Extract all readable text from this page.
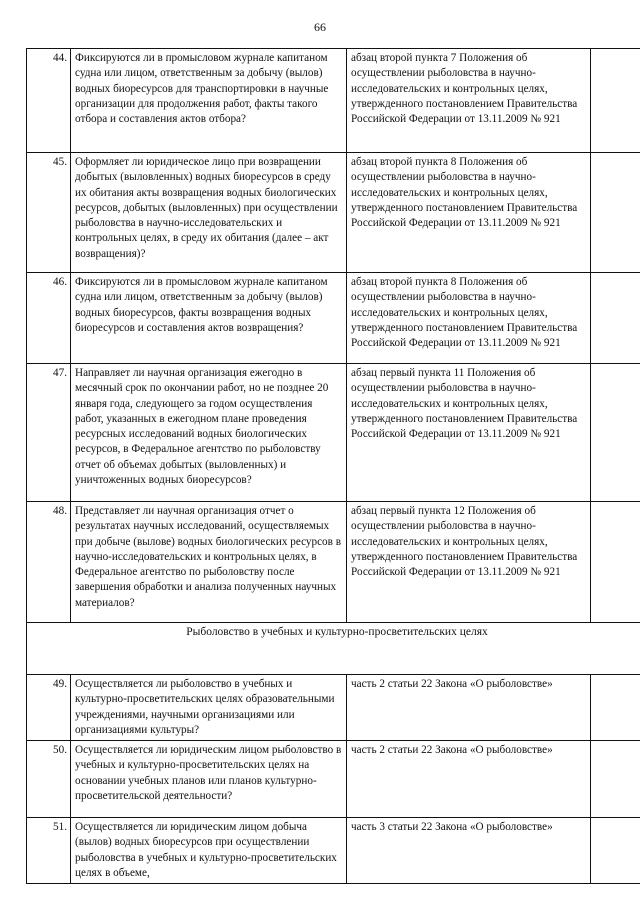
66
44.	Фиксируются ли в промысловом журнале капитаном судна или лицом, ответственным за добычу (вылов) водных биоресурсов для транспортировки в научные организации для продолжения работ, факты такого отбора и составления актов отбора?	абзац второй пункта 7 Положения об осуществлении рыболовства в научно-исследовательских и контрольных целях, утвержденного постановлением Правительства Российской Федерации от 13.11.2009 № 921	
45.	Оформляет ли юридическое лицо при возвращении добытых (выловленных) водных биоресурсов в среду их обитания акты возвращения водных биологических ресурсов, добытых (выловленных) при осуществлении рыболовства в научно-исследовательских и контрольных целях, в среду их обитания (далее – акт возвращения)?	абзац второй пункта 8 Положения об осуществлении рыболовства в научно-исследовательских и контрольных целях, утвержденного постановлением Правительства Российской Федерации от 13.11.2009 № 921	
46.	Фиксируются ли в промысловом журнале капитаном судна или лицом, ответственным за добычу (вылов) водных биоресурсов, факты возвращения водных биоресурсов и составления актов возвращения?	абзац второй пункта 8 Положения об осуществлении рыболовства в научно-исследовательских и контрольных целях, утвержденного постановлением Правительства Российской Федерации от 13.11.2009 № 921	
47.	Направляет ли научная организация ежегодно в месячный срок по окончании работ, но не позднее 20 января года, следующего за годом осуществления работ, указанных в ежегодном плане проведения ресурсных исследований водных биологических ресурсов, в Федеральное агентство по рыболовству отчет об объемах добытых (выловленных) и уничтоженных водных биоресурсов?	абзац первый пункта 11 Положения об осуществлении рыболовства в научно-исследовательских и контрольных целях, утвержденного постановлением Правительства Российской Федерации от 13.11.2009 № 921	
48.	Представляет ли научная организация отчет о результатах научных исследований, осуществляемых при добыче (вылове) водных биологических ресурсов в научно-исследовательских и контрольных целях, в Федеральное агентство по рыболовству после завершения обработки и анализа полученных научных материалов?	абзац первый пункта 12 Положения об осуществлении рыболовства в научно-исследовательских и контрольных целях, утвержденного постановлением Правительства Российской Федерации от 13.11.2009 № 921	
Рыболовство в учебных и культурно-просветительских целях			
49.	Осуществляется ли рыболовство в учебных и культурно-просветительских целях образовательными учреждениями, научными организациями или организациями культуры?	часть 2 статьи 22 Закона «О рыболовстве»	
50.	Осуществляется ли юридическим лицом рыболовство в учебных и культурно-просветительских целях на основании учебных планов или планов культурно-просветительской деятельности?	часть 2 статьи 22 Закона «О рыболовстве»	
51.	Осуществляется ли юридическим лицом добыча (вылов) водных биоресурсов при осуществлении рыболовства в учебных и культурно-просветительских целях в объеме,	часть 3 статьи 22 Закона «О рыболовстве»	
